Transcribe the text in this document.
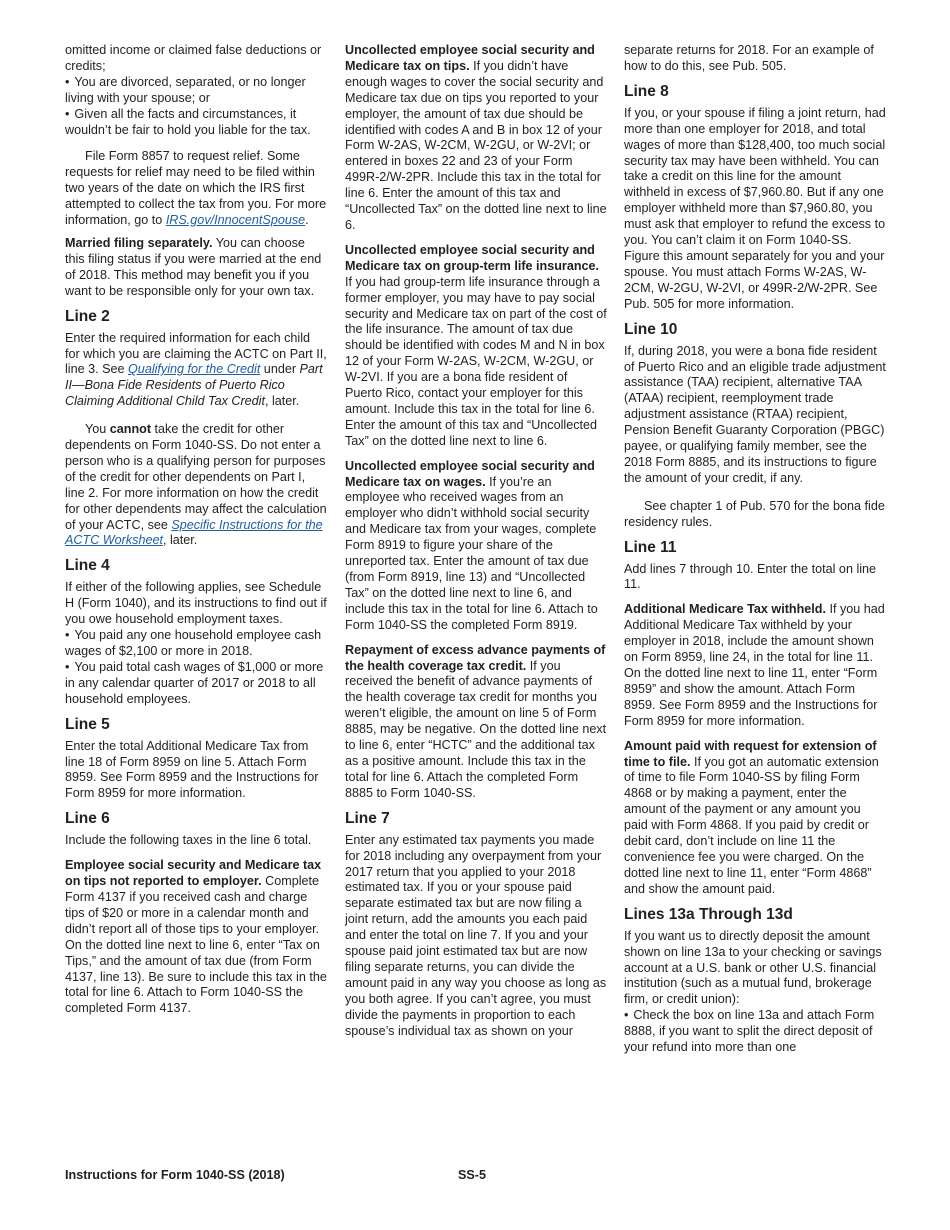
omitted income or claimed false deductions or credits;

• You are divorced, separated, or no longer living with your spouse; or
• Given all the facts and circumstances, it wouldn’t be fair to hold you liable for the tax.

File Form 8857 to request relief. Some requests for relief may need to be filed within two years of the date on which the IRS first attempted to collect the tax from you. For more information, go to IRS.gov/InnocentSpouse.

Married filing separately. You can choose this filing status if you were married at the end of 2018. This method may benefit you if you want to be responsible only for your own tax.

Line 2

Enter the required information for each child for which you are claiming the ACTC on Part II, line 3. See Qualifying for the Credit under Part II—Bona Fide Residents of Puerto Rico Claiming Additional Child Tax Credit, later.

You cannot take the credit for other dependents on Form 1040-SS. Do not enter a person who is a qualifying person for purposes of the credit for other dependents on Part I, line 2. For more information on how the credit for other dependents may affect the calculation of your ACTC, see Specific Instructions for the ACTC Worksheet, later.

Line 4

If either of the following applies, see Schedule H (Form 1040), and its instructions to find out if you owe household employment taxes.

• You paid any one household employee cash wages of $2,100 or more in 2018.
• You paid total cash wages of $1,000 or more in any calendar quarter of 2017 or 2018 to all household employees.
Line 5

Enter the total Additional Medicare Tax from line 18 of Form 8959 on line 5. Attach Form 8959. See Form 8959 and the Instructions for Form 8959 for more information.

Line 6

Include the following taxes in the line 6 total.

Employee social security and Medicare tax on tips not reported to employer. Complete Form 4137 if you received cash and charge tips of $20 or more in a calendar month and didn’t report all of those tips to your employer. On the dotted line next to line 6, enter “Tax on Tips,” and the amount of tax due (from Form 4137, line 13). Be sure to include this tax in the total for line 6. Attach to Form 1040-SS the completed Form 4137.

Uncollected employee social security and Medicare tax on tips. If you didn’t have enough wages to cover the social security and Medicare tax due on tips you reported to your employer, the amount of tax due should be identified with codes A and B in box 12 of your Form W-2AS, W-2CM, W-2GU, or W-2VI; or entered in boxes 22 and 23 of your Form 499R-2/W-2PR. Include this tax in the total for line 6. Enter the amount of this tax and “Uncollected Tax” on the dotted line next to line 6.

Uncollected employee social security and Medicare tax on group-term life insurance. If you had group-term life insurance through a former employer, you may have to pay social security and Medicare tax on part of the cost of the life insurance. The amount of tax due should be identified with codes M and N in box 12 of your Form W-2AS, W-2CM, W-2GU, or W-2VI. If you are a bona fide resident of Puerto Rico, contact your employer for this amount. Include this tax in the total for line 6. Enter the amount of this tax and “Uncollected Tax” on the dotted line next to line 6.

Uncollected employee social security and Medicare tax on wages. If you’re an employee who received wages from an employer who didn’t withhold social security and Medicare tax from your wages, complete Form 8919 to figure your share of the unreported tax. Enter the amount of tax due (from Form 8919, line 13) and “Uncollected Tax” on the dotted line next to line 6, and include this tax in the total for line 6. Attach to Form 1040-SS the completed Form 8919.

Repayment of excess advance payments of the health coverage tax credit. If you received the benefit of advance payments of the health coverage tax credit for months you weren’t eligible, the amount on line 5 of Form 8885, may be negative. On the dotted line next to line 6, enter “HCTC” and the additional tax as a positive amount. Include this tax in the total for line 6. Attach the completed Form 8885 to Form 1040-SS.

Line 7

Enter any estimated tax payments you made for 2018 including any overpayment from your 2017 return that you applied to your 2018 estimated tax. If you or your spouse paid separate estimated tax but are now filing a joint return, add the amounts you each paid and enter the total on line 7. If you and your spouse paid joint estimated tax but are now filing separate returns, you can divide the amount paid in any way you choose as long as you both agree. If you can’t agree, you must divide the payments in proportion to each spouse’s individual tax as shown on your

separate returns for 2018. For an example of how to do this, see Pub. 505.

Line 8

If you, or your spouse if filing a joint return, had more than one employer for 2018, and total wages of more than $128,400, too much social security tax may have been withheld. You can take a credit on this line for the amount withheld in excess of $7,960.80. But if any one employer withheld more than $7,960.80, you must ask that employer to refund the excess to you. You can’t claim it on Form 1040-SS. Figure this amount separately for you and your spouse. You must attach Forms W-2AS, W-2CM, W-2GU, W-2VI, or 499R-2/W-2PR. See Pub. 505 for more information.

Line 10

If, during 2018, you were a bona fide resident of Puerto Rico and an eligible trade adjustment assistance (TAA) recipient, alternative TAA (ATAA) recipient, reemployment trade adjustment assistance (RTAA) recipient, Pension Benefit Guaranty Corporation (PBGC) payee, or qualifying family member, see the 2018 Form 8885, and its instructions to figure the amount of your credit, if any.

See chapter 1 of Pub. 570 for the bona fide residency rules.

Line 11

Add lines 7 through 10. Enter the total on line 11.

Additional Medicare Tax withheld. If you had Additional Medicare Tax withheld by your employer in 2018, include the amount shown on Form 8959, line 24, in the total for line 11. On the dotted line next to line 11, enter “Form 8959” and show the amount. Attach Form 8959. See Form 8959 and the Instructions for Form 8959 for more information.

Amount paid with request for extension of time to file. If you got an automatic extension of time to file Form 1040-SS by filing Form 4868 or by making a payment, enter the amount of the payment or any amount you paid with Form 4868. If you paid by credit or debit card, don’t include on line 11 the convenience fee you were charged. On the dotted line next to line 11, enter “Form 4868” and show the amount paid.

Lines 13a Through 13d

If you want us to directly deposit the amount shown on line 13a to your checking or savings account at a U.S. bank or other U.S. financial institution (such as a mutual fund, brokerage firm, or credit union):

• Check the box on line 13a and attach Form 8888, if you want to split the direct deposit of your refund into more than one
Instructions for Form 1040-SS (2018)	SS-5
